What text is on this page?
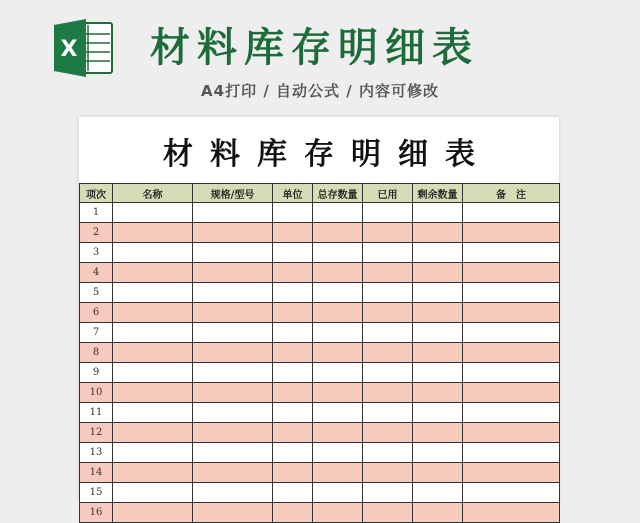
X 材料库存明细表
A4打印 / 自动公式 / 内容可修改
材料库存明细表
项次	名称	规格/型号	单位	总存数量	已用	剩余数量	备　注
1							
2							
3							
4							
5							
6							
7							
8							
9							
10							
11							
12							
13							
14							
15							
16							
